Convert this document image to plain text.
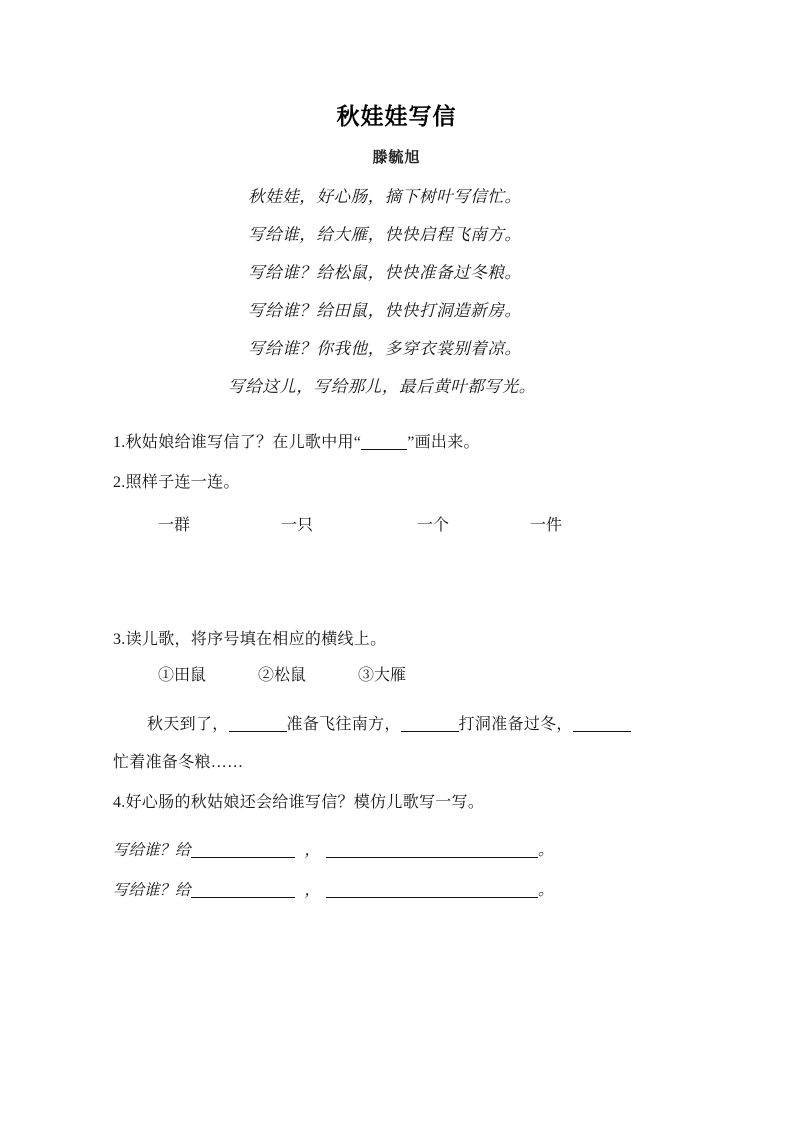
秋娃娃写信
滕毓旭
秋娃娃，好心肠，摘下树叶写信忙。
写给谁，给大雁，快快启程飞南方。
写给谁？给松鼠，快快准备过冬粮。
写给谁？给田鼠，快快打洞造新房。
写给谁？你我他，多穿衣裳别着凉。
写给这儿，写给那儿，最后黄叶都写光。
1.秋姑娘给谁写信了？在儿歌中用“	”画出来。
2.照样子连一连。
一群	一只	一个	一件
3.读儿歌，将序号填在相应的横线上。
①田鼠	②松鼠	③大雁
秋天到了，	准备飞往南方，	打洞准备过冬，
忙着准备冬粮……
4.好心肠的秋姑娘还会给谁写信？模仿儿歌写一写。
写给谁？给	，	。
写给谁？给	，	。
